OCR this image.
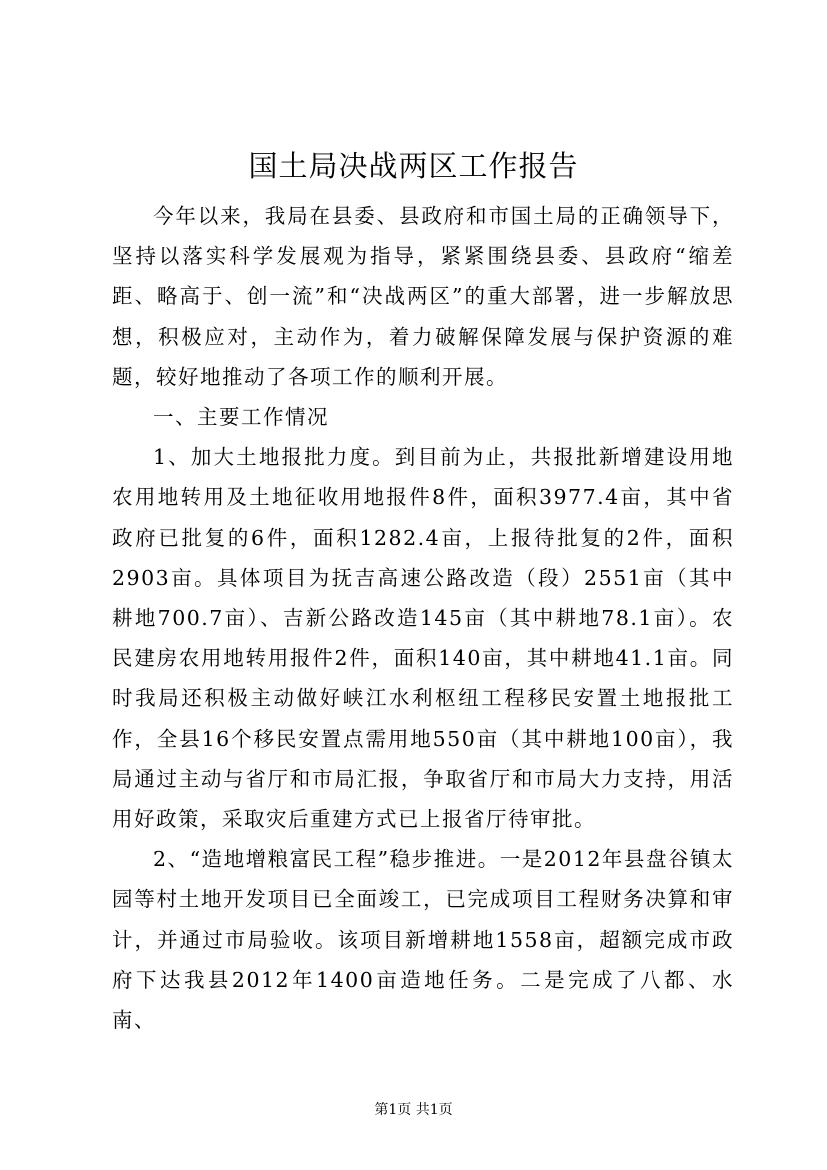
国土局决战两区工作报告

今年以来，我局在县委、县政府和市国土局的正确领导下，坚持以落实科学发展观为指导，紧紧围绕县委、县政府“缩差距、略高于、创一流”和“决战两区”的重大部署，进一步解放思想，积极应对，主动作为，着力破解保障发展与保护资源的难题，较好地推动了各项工作的顺利开展。

一、主要工作情况

1、加大土地报批力度。到目前为止，共报批新增建设用地农用地转用及土地征收用地报件8件，面积3977.4亩，其中省政府已批复的6件，面积1282.4亩，上报待批复的2件，面积2903亩。具体项目为抚吉高速公路改造（段）2551亩（其中耕地700.7亩）、吉新公路改造145亩（其中耕地78.1亩）。农民建房农用地转用报件2件，面积140亩，其中耕地41.1亩。同时我局还积极主动做好峡江水利枢纽工程移民安置土地报批工作，全县16个移民安置点需用地550亩（其中耕地100亩），我局通过主动与省厅和市局汇报，争取省厅和市局大力支持，用活用好政策，采取灾后重建方式已上报省厅待审批。

2、“造地增粮富民工程”稳步推进。一是2012年县盘谷镇太园等村土地开发项目已全面竣工，已完成项目工程财务决算和审计，并通过市局验收。该项目新增耕地1558亩，超额完成市政府下达我县2012年1400亩造地任务。二是完成了八都、水南、

第1页 共1页
